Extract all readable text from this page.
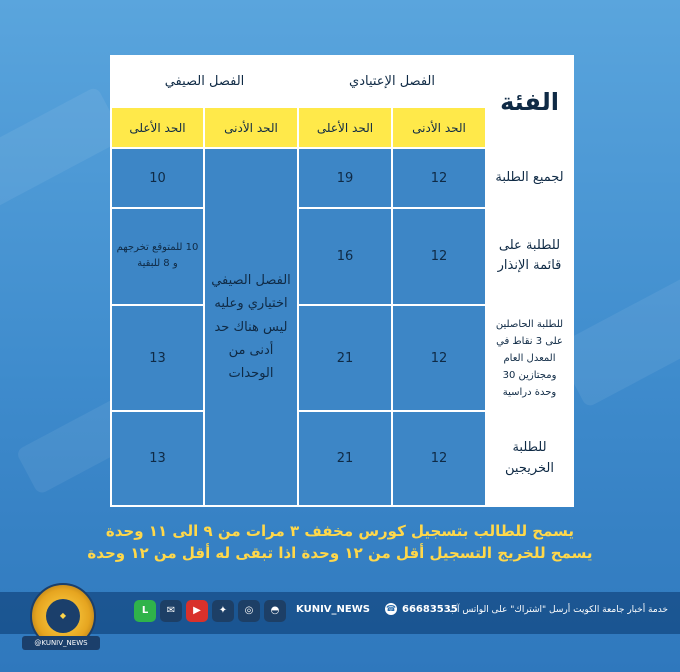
الفئة	الفصل الإعتيادي		الفصل الصيفي	
	الحد الأدنى	الحد الأعلى	الحد الأدنى	الحد الأعلى
لجميع الطلبة	12	19	الفصل الصيفي اختياري وعليه ليس هناك حد أدنى من الوحدات	10
للطلبة على قائمة الإنذار	12	16		10 للمتوقع تخرجهم و 8 للبقية
للطلبة الحاصلين على 3 نقاط في المعدل العام ومجتازين 30 وحدة دراسية	12	21		13
للطلبة الخريجين	12	21		13
يسمح للطالب بتسجيل كورس مخفف ٣ مرات من ٩ الى ١١ وحدة
يسمح للخريج التسجيل أقل من ١٢ وحدة اذا تبقى له أقل من ١٢ وحدة
L	✉	▶	✦	◎	◓	KUNIV_NEWS ☎ 66683535
خدمة أخبار جامعة الكويت أرسل "اشتراك" على الواتس آب
◆
@KUNIV_NEWS
